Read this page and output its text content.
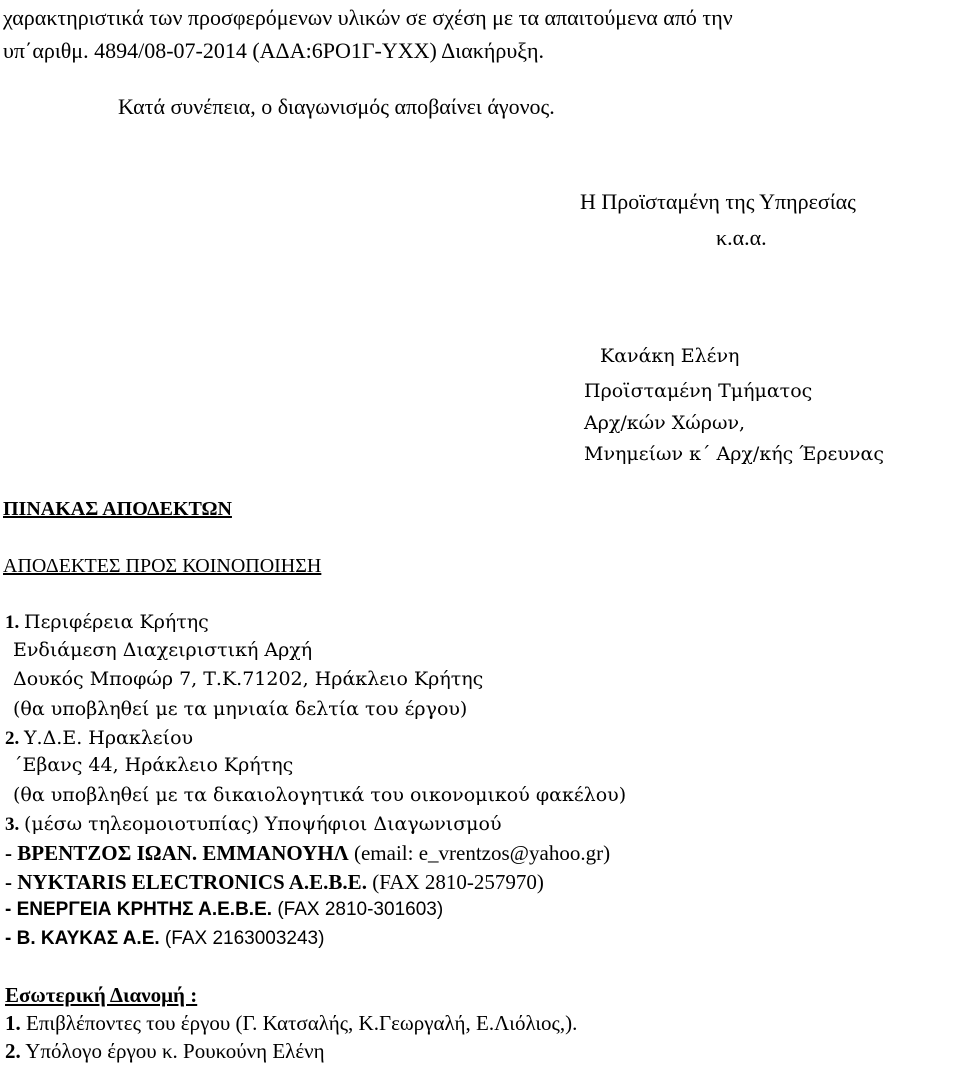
χαρακτηριστικά των προσφερόμενων υλικών σε σχέση με τα απαιτούμενα από την
υπ΄αριθμ. 4894/08-07-2014 (ΑΔΑ:6ΡΟ1Γ-ΥΧΧ) Διακήρυξη.
Κατά συνέπεια, ο διαγωνισμός αποβαίνει άγονος.
Η Προϊσταμένη της Υπηρεσίας
κ.α.α.
Κανάκη Ελένη
Προϊσταμένη Τμήματος
Αρχ/κών Χώρων,
Μνημείων κ΄ Αρχ/κής Έρευνας
ΠΙΝΑΚΑΣ ΑΠΟΔΕΚΤΩΝ
ΑΠΟΔΕΚΤΕΣ ΠΡΟΣ ΚΟΙΝΟΠΟΙΗΣΗ
1. Περιφέρεια Κρήτης
Ενδιάμεση Διαχειριστική Αρχή
Δουκός Μποφώρ 7, Τ.Κ.71202, Ηράκλειο Κρήτης
(θα υποβληθεί με τα μηνιαία δελτία του έργου)
2. Υ.Δ.Ε. Ηρακλείου
΄Εβανς 44, Ηράκλειο Κρήτης
(θα υποβληθεί με τα δικαιολογητικά του οικονομικού φακέλου)
3. (μέσω τηλεομοιοτυπίας) Υποψήφιοι Διαγωνισμού
- ΒΡΕΝΤΖΟΣ ΙΩΑΝ. ΕΜΜΑΝΟΥΗΛ (email: e_vrentzos@yahoo.gr)
- NYKTARIS ELECTRONICS A.E.B.E. (FAX 2810-257970)
- ΕΝΕΡΓΕΙΑ ΚΡΗΤΗΣ Α.Ε.Β.Ε. (FAX 2810-301603)
- Β. ΚΑΥΚΑΣ Α.Ε. (FAX 2163003243)
Εσωτερική Διανομή :
1. Επιβλέποντες του έργου (Γ. Κατσαλής, Κ.Γεωργαλή, Ε.Λιόλιος,).
2. Υπόλογο έργου κ. Ρουκούνη Ελένη
